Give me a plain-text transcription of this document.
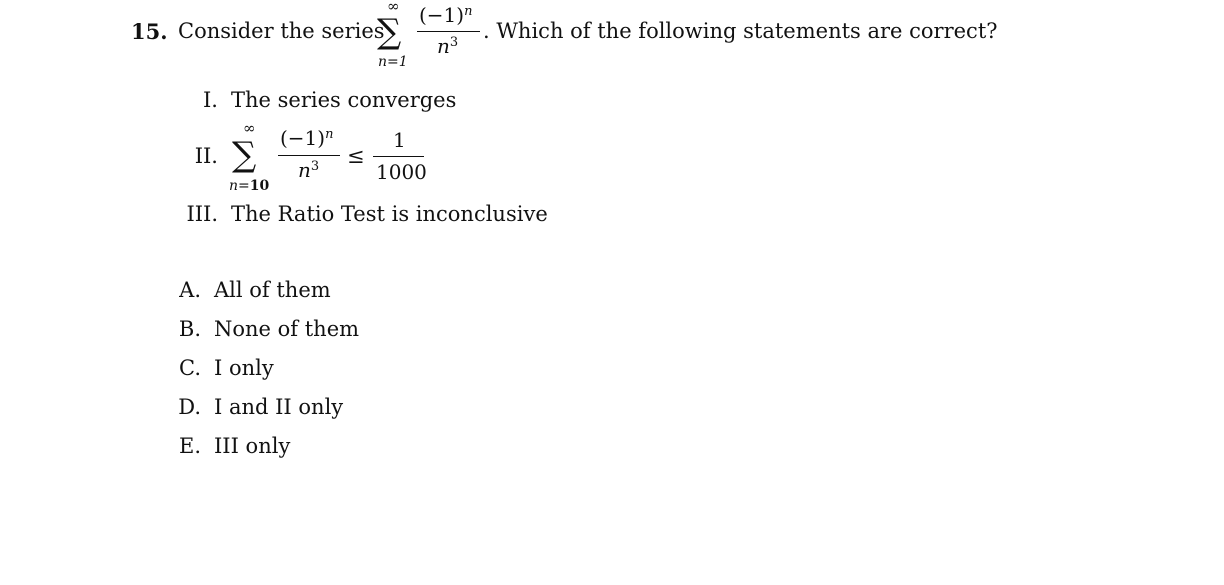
15. Consider the series
∞
∑
n=1
$(-1)^n$
$n^3$ . Which of the following statements are correct?
I. The series converges
II.
∞
∑
n=10
$(-1)^n$
$n^3$ ≤
1
1000
III. The Ratio Test is inconclusive
A. All of them
B. None of them
C. I only
D. I and II only
E. III only
